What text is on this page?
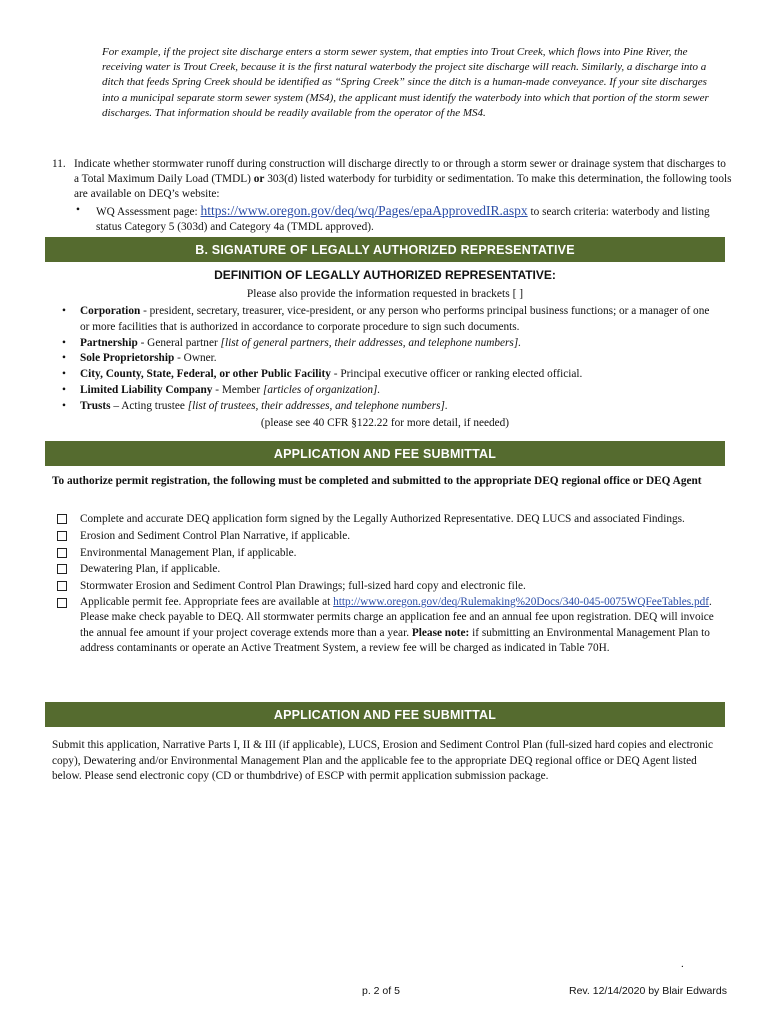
For example, if the project site discharge enters a storm sewer system, that empties into Trout Creek, which flows into Pine River, the receiving water is Trout Creek, because it is the first natural waterbody the project site discharge will reach. Similarly, a discharge into a ditch that feeds Spring Creek should be identified as “Spring Creek” since the ditch is a human-made conveyance. If your site discharges into a municipal separate storm sewer system (MS4), the applicant must identify the waterbody into which that portion of the storm sewer discharges. That information should be readily available from the operator of the MS4.
11. Indicate whether stormwater runoff during construction will discharge directly to or through a storm sewer or drainage system that discharges to a Total Maximum Daily Load (TMDL) or 303(d) listed waterbody for turbidity or sedimentation. To make this determination, the following tools are available on DEQ’s website:
• WQ Assessment page: https://www.oregon.gov/deq/wq/Pages/epaApprovedIR.aspx to search criteria: waterbody and listing status Category 5 (303d) and Category 4a (TMDL approved).
B. SIGNATURE OF LEGALLY AUTHORIZED REPRESENTATIVE
DEFINITION OF LEGALLY AUTHORIZED REPRESENTATIVE:
Please also provide the information requested in brackets [ ]
• Corporation - president, secretary, treasurer, vice-president, or any person who performs principal business functions; or a manager of one or more facilities that is authorized in accordance to corporate procedure to sign such documents.
• Partnership - General partner [list of general partners, their addresses, and telephone numbers].
• Sole Proprietorship - Owner.
• City, County, State, Federal, or other Public Facility - Principal executive officer or ranking elected official.
• Limited Liability Company - Member [articles of organization].
• Trusts – Acting trustee [list of trustees, their addresses, and telephone numbers].
(please see 40 CFR §122.22 for more detail, if needed)
APPLICATION AND FEE SUBMITTAL
To authorize permit registration, the following must be completed and submitted to the appropriate DEQ regional office or DEQ Agent
Complete and accurate DEQ application form signed by the Legally Authorized Representative. DEQ LUCS and associated Findings.
Erosion and Sediment Control Plan Narrative, if applicable.
Environmental Management Plan, if applicable.
Dewatering Plan, if applicable.
Stormwater Erosion and Sediment Control Plan Drawings; full-sized hard copy and electronic file.
Applicable permit fee. Appropriate fees are available at http://www.oregon.gov/deq/Rulemaking%20Docs/340-045-0075WQFeeTables.pdf. Please make check payable to DEQ. All stormwater permits charge an application fee and an annual fee upon registration. DEQ will invoice the annual fee amount if your project coverage extends more than a year. Please note: if submitting an Environmental Management Plan to address contaminants or operate an Active Treatment System, a review fee will be charged as indicated in Table 70H.
APPLICATION AND FEE SUBMITTAL
Submit this application, Narrative Parts I, II & III (if applicable), LUCS, Erosion and Sediment Control Plan (full-sized hard copies and electronic copy), Dewatering and/or Environmental Management Plan and the applicable fee to the appropriate DEQ regional office or DEQ Agent listed below. Please send electronic copy (CD or thumbdrive) of ESCP with permit application submission package.
.
p. 2 of 5	Rev. 12/14/2020 by Blair Edwards
